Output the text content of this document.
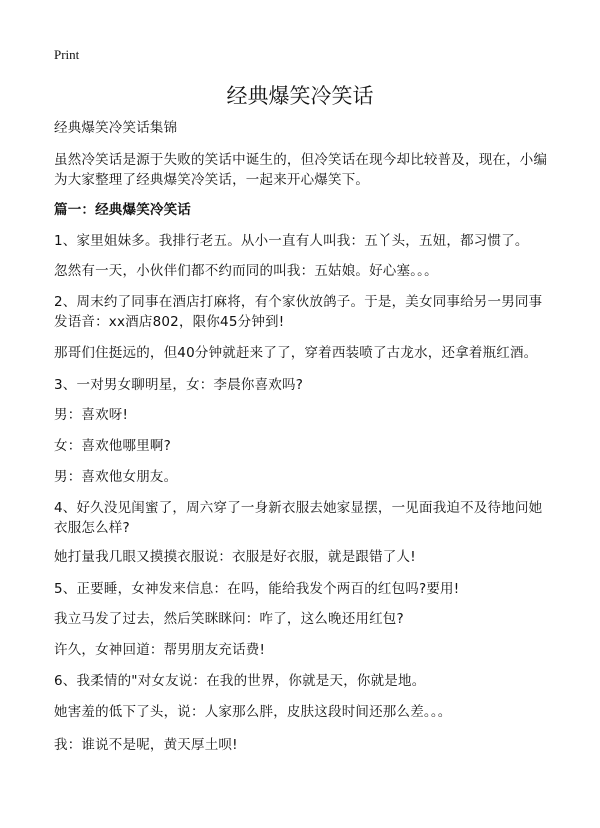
Print
经典爆笑冷笑话
经典爆笑冷笑话集锦
虽然冷笑话是源于失败的笑话中诞生的，但冷笑话在现今却比较普及，现在，小编
为大家整理了经典爆笑冷笑话，一起来开心爆笑下。
篇一：经典爆笑冷笑话
1、家里姐妹多。我排行老五。从小一直有人叫我：五丫头，五妞，都习惯了。
忽然有一天，小伙伴们都不约而同的叫我：五姑娘。好心塞。。。
2、周末约了同事在酒店打麻将，有个家伙放鸽子。于是，美女同事给另一男同事
发语音：xx酒店802，限你45分钟到!
那哥们住挺远的，但40分钟就赶来了了，穿着西装喷了古龙水，还拿着瓶红酒。
3、一对男女聊明星，女：李晨你喜欢吗?
男：喜欢呀!
女：喜欢他哪里啊?
男：喜欢他女朋友。
4、好久没见闺蜜了，周六穿了一身新衣服去她家显摆，一见面我迫不及待地问她
衣服怎么样?
她打量我几眼又摸摸衣服说：衣服是好衣服，就是跟错了人!
5、正要睡，女神发来信息：在吗，能给我发个两百的红包吗?要用!
我立马发了过去，然后笑眯眯问：咋了，这么晚还用红包?
许久，女神回道：帮男朋友充话费!
6、我柔情的"对女友说：在我的世界，你就是天，你就是地。
她害羞的低下了头，说：人家那么胖，皮肤这段时间还那么差。。。
我：谁说不是呢，黄天厚土呗!
